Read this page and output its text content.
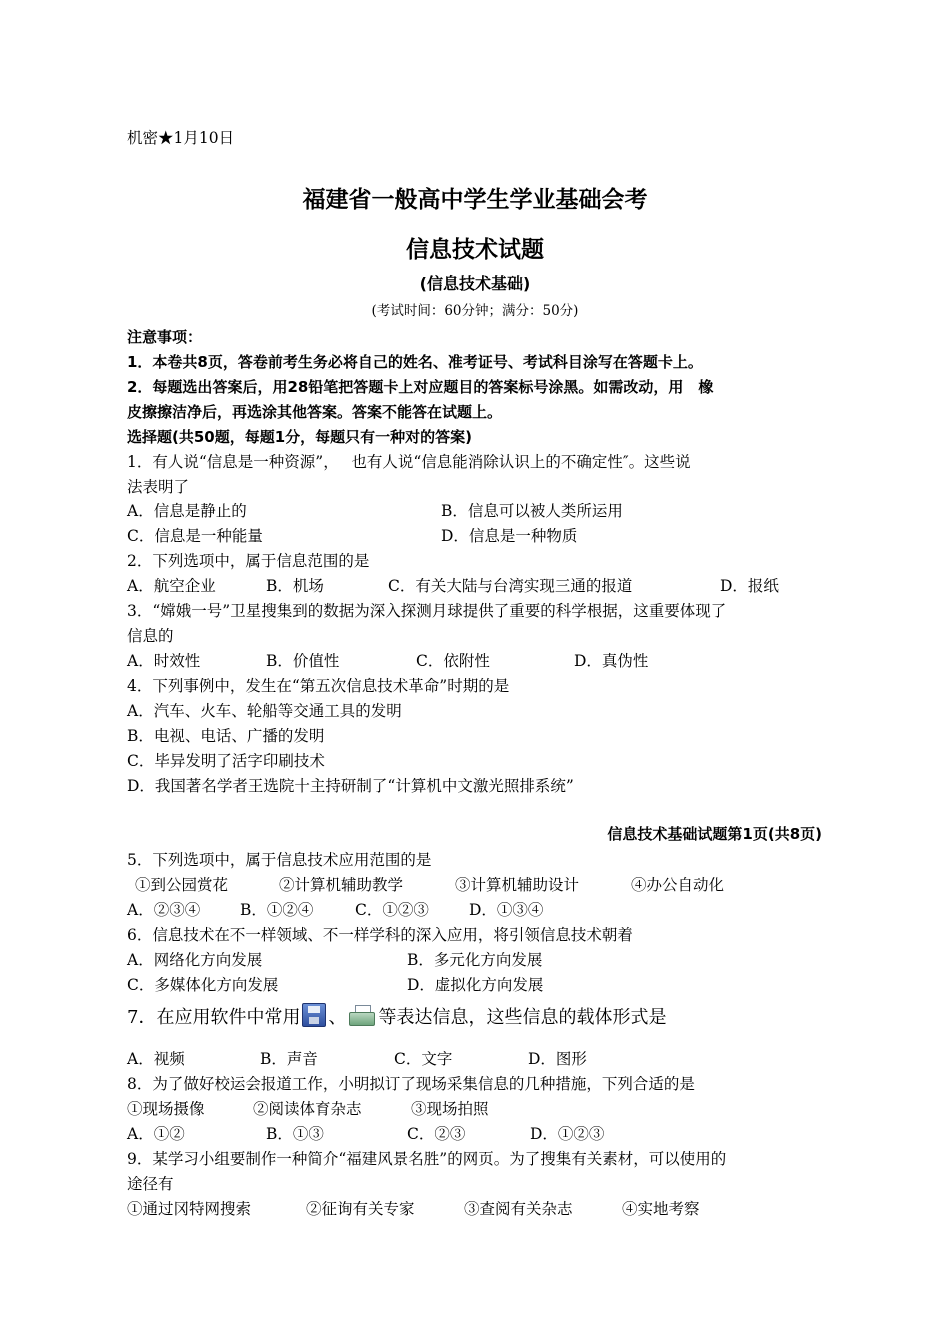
机密★1月10日
福建省一般高中学生学业基础会考
信息技术试题
(信息技术基础)
(考试时间：60分钟；满分：50分)
注意事项：
1．本卷共8页，答卷前考生务必将自己的姓名、准考证号、考试科目涂写在答题卡上。
2．每题选出答案后，用28铅笔把答题卡上对应题目的答案标号涂黑。如需改动，用　橡
皮擦擦洁净后，再选涂其他答案。答案不能答在试题上。
选择题(共50题，每题1分，每题只有一种对的答案)
1．有人说“信息是一种资源”，　 也有人说“信息能消除认识上的不确定性″。这些说
法表明了
A．信息是静止的	B．信息可以被人类所运用
C．信息是一种能量	D．信息是一种物质
2．下列选项中，属于信息范围的是
A．航空企业	B．机场	C．有关大陆与台湾实现三通的报道	D．报纸
3．“嫦娥一号”卫星搜集到的数据为深入探测月球提供了重要的科学根据，这重要体现了
信息的
A．时效性	B．价值性	C．依附性	D．真伪性
4．下列事例中，发生在“第五次信息技术革命”时期的是
A．汽车、火车、轮船等交通工具的发明
B．电视、电话、广播的发明
C．毕异发明了活字印刷技术
D．我国著名学者王选院十主持研制了“计算机中文激光照排系统”
信息技术基础试题第1页(共8页)
5．下列选项中，属于信息技术应用范围的是
①到公园赏花	②计算机辅助教学	③计算机辅助设计	④办公自动化
A．②③④	B．①②④	C．①②③	D．①③④
6．信息技术在不一样领域、不一样学科的深入应用，将引领信息技术朝着
A．网络化方向发展	B．多元化方向发展
C．多媒体化方向发展	D．虚拟化方向发展
7．在应用软件中常用 、 等表达信息，这些信息的载体形式是
A．视频	B．声音	C．文字	D．图形
8．为了做好校运会报道工作，小明拟订了现场采集信息的几种措施，下列合适的是
①现场摄像	②阅读体育杂志	③现场拍照
A．①②	B．①③	C．②③	D．①②③
9．某学习小组要制作一种简介“福建风景名胜”的网页。为了搜集有关素材，可以使用的
途径有
①通过冈特网搜索	②征询有关专家	③查阅有关杂志	④实地考察
